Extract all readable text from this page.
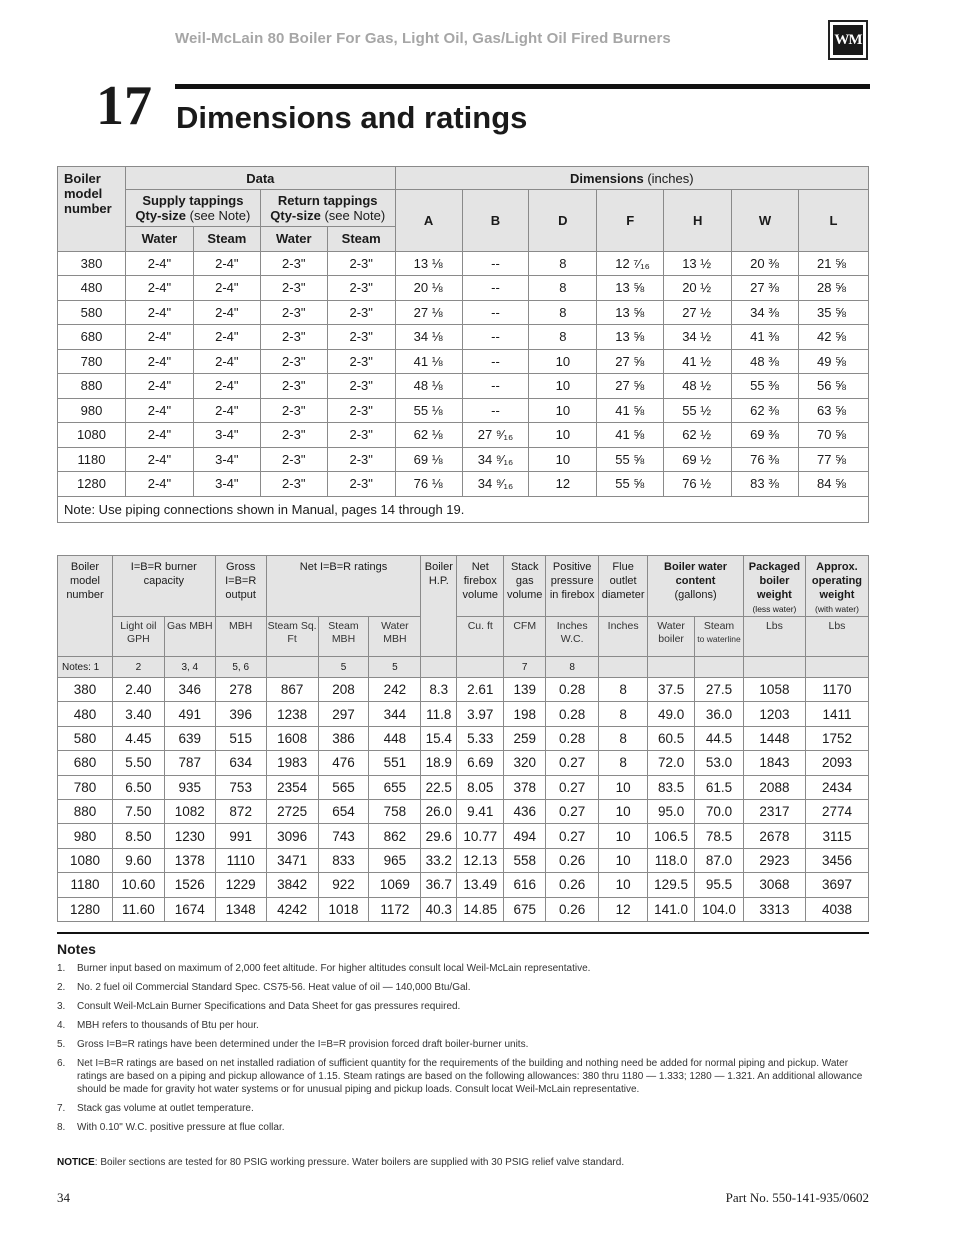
Weil-McLain 80 Boiler For Gas, Light Oil, Gas/Light Oil Fired Burners	WM
17 Dimensions and ratings
Boiler model number	Data				Dimensions (inches)						
	Supply tappings
Qty-size (see Note)		Return tappings
Qty-size (see Note)		A	B	D	F	H	W	L
	Water	Steam	Water	Steam							
380	2-4"	2-4"	2-3"	2-3"	13 ⅛	--	8	12 ⁷⁄₁₆	13 ½	20 ⅜	21 ⅝
480	2-4"	2-4"	2-3"	2-3"	20 ⅛	--	8	13 ⅝	20 ½	27 ⅜	28 ⅝
580	2-4"	2-4"	2-3"	2-3"	27 ⅛	--	8	13 ⅝	27 ½	34 ⅜	35 ⅝
680	2-4"	2-4"	2-3"	2-3"	34 ⅛	--	8	13 ⅝	34 ½	41 ⅜	42 ⅝
780	2-4"	2-4"	2-3"	2-3"	41 ⅛	--	10	27 ⅝	41 ½	48 ⅜	49 ⅝
880	2-4"	2-4"	2-3"	2-3"	48 ⅛	--	10	27 ⅝	48 ½	55 ⅜	56 ⅝
980	2-4"	2-4"	2-3"	2-3"	55 ⅛	--	10	41 ⅝	55 ½	62 ⅜	63 ⅝
1080	2-4"	3-4"	2-3"	2-3"	62 ⅛	27 ⁹⁄₁₆	10	41 ⅝	62 ½	69 ⅜	70 ⅝
1180	2-4"	3-4"	2-3"	2-3"	69 ⅛	34 ⁹⁄₁₆	10	55 ⅝	69 ½	76 ⅜	77 ⅝
1280	2-4"	3-4"	2-3"	2-3"	76 ⅛	34 ⁹⁄₁₆	12	55 ⅝	76 ½	83 ⅜	84 ⅝
Note: Use piping connections shown in Manual, pages 14 through 19.											
Boiler model number	I=B=R burner capacity		Gross I=B=R output	Net I=B=R ratings			Boiler H.P.	Net firebox volume	Stack gas volume	Positive pressure in firebox	Flue outlet diameter	Boiler water content
(gallons)		Packaged boiler weight
(less water)	Approx. operating weight
(with water)
	Light oil GPH	Gas MBH	MBH	Steam Sq. Ft	Steam MBH	Water MBH		Cu. ft	CFM	Inches W.C.	Inches	Water boiler	Steam
to waterline	Lbs	Lbs
Notes: 1	2	3, 4	5, 6		5	5			7	8					
380	2.40	346	278	867	208	242	8.3	2.61	139	0.28	8	37.5	27.5	1058	1170
480	3.40	491	396	1238	297	344	11.8	3.97	198	0.28	8	49.0	36.0	1203	1411
580	4.45	639	515	1608	386	448	15.4	5.33	259	0.28	8	60.5	44.5	1448	1752
680	5.50	787	634	1983	476	551	18.9	6.69	320	0.27	8	72.0	53.0	1843	2093
780	6.50	935	753	2354	565	655	22.5	8.05	378	0.27	10	83.5	61.5	2088	2434
880	7.50	1082	872	2725	654	758	26.0	9.41	436	0.27	10	95.0	70.0	2317	2774
980	8.50	1230	991	3096	743	862	29.6	10.77	494	0.27	10	106.5	78.5	2678	3115
1080	9.60	1378	1110	3471	833	965	33.2	12.13	558	0.26	10	118.0	87.0	2923	3456
1180	10.60	1526	1229	3842	922	1069	36.7	13.49	616	0.26	10	129.5	95.5	3068	3697
1280	11.60	1674	1348	4242	1018	1172	40.3	14.85	675	0.26	12	141.0	104.0	3313	4038
Notes
1.	Burner input based on maximum of 2,000 feet altitude. For higher altitudes consult local Weil-McLain representative.
2.	No. 2 fuel oil Commercial Standard Spec. CS75-56. Heat value of oil — 140,000 Btu/Gal.
3.	Consult Weil-McLain Burner Specifications and Data Sheet for gas pressures required.
4.	MBH refers to thousands of Btu per hour.
5.	Gross I=B=R ratings have been determined under the I=B=R provision forced draft boiler-burner units.
6.	Net I=B=R ratings are based on net installed radiation of sufficient quantity for the requirements of the building and nothing need be added for normal piping and pickup. Water ratings are based on a piping and pickup allowance of 1.15. Steam ratings are based on the following allowances: 380 thru 1180 — 1.333; 1280 — 1.321. An additional allowance should be made for gravity hot water systems or for unusual piping and pickup loads. Consult locat Weil-McLain representative.
7.	Stack gas volume at outlet temperature.
8.	With 0.10" W.C. positive pressure at flue collar.
NOTICE: Boiler sections are tested for 80 PSIG working pressure. Water boilers are supplied with 30 PSIG relief valve standard.
34	Part No. 550-141-935/0602
